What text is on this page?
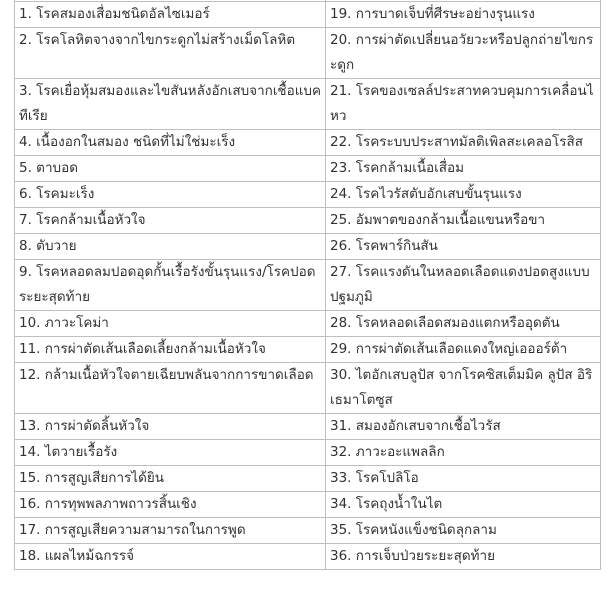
1. โรคสมองเสื่อมชนิดอัลไซเมอร์	19. การบาดเจ็บที่ศีรษะอย่างรุนแรง
2. โรคโลหิตจางจากไขกระดูกไม่สร้างเม็ดโลหิต	20. การผ่าตัดเปลี่ยนอวัยวะหรือปลูกถ่ายไขกระดูก
3. โรคเยื่อหุ้มสมองและไขสันหลังอักเสบจากเชื้อแบคทีเรีย	21. โรคของเซลล์ประสาทควบคุมการเคลื่อนไหว
4. เนื้องอกในสมอง ชนิดที่ไม่ใช่มะเร็ง	22. โรคระบบประสาทมัลติเพิลสะเคลอโรสิส
5. ตาบอด	23. โรคกล้ามเนื้อเสื่อม
6. โรคมะเร็ง	24. โรคไวรัสตับอักเสบขั้นรุนแรง
7. โรคกล้ามเนื้อหัวใจ	25. อัมพาตของกล้ามเนื้อแขนหรือขา
8. ตับวาย	26. โรคพาร์กินสัน
9. โรคหลอดลมปอดอุดกั้นเรื้อรังขั้นรุนแรง/โรคปอดระยะสุดท้าย	27. โรคแรงดันในหลอดเลือดแดงปอดสูงแบบปฐมภูมิ
10. ภาวะโคม่า	28. โรคหลอดเลือดสมองแตกหรืออุดตัน
11. การผ่าตัดเส้นเลือดเลี้ยงกล้ามเนื้อหัวใจ	29. การผ่าตัดเส้นเลือดแดงใหญ่เอออร์ต้า
12. กล้ามเนื้อหัวใจตายเฉียบพลันจากการขาดเลือด	30. ไตอักเสบลูปัส จากโรคซิสเต็มมิค ลูปัส อิริเธมาโตซูส
13. การผ่าตัดลิ้นหัวใจ	31. สมองอักเสบจากเชื้อไวรัส
14. ไตวายเรื้อรัง	32. ภาวะอะแพลลิก
15. การสูญเสียการได้ยิน	33. โรคโปลิโอ
16. การทุพพลภาพถาวรสิ้นเชิง	34. โรคถุงน้ำในไต
17. การสูญเสียความสามารถในการพูด	35. โรคหนังแข็งชนิดลุกลาม
18. แผลไหม้ฉกรรจ์	36. การเจ็บป่วยระยะสุดท้าย
